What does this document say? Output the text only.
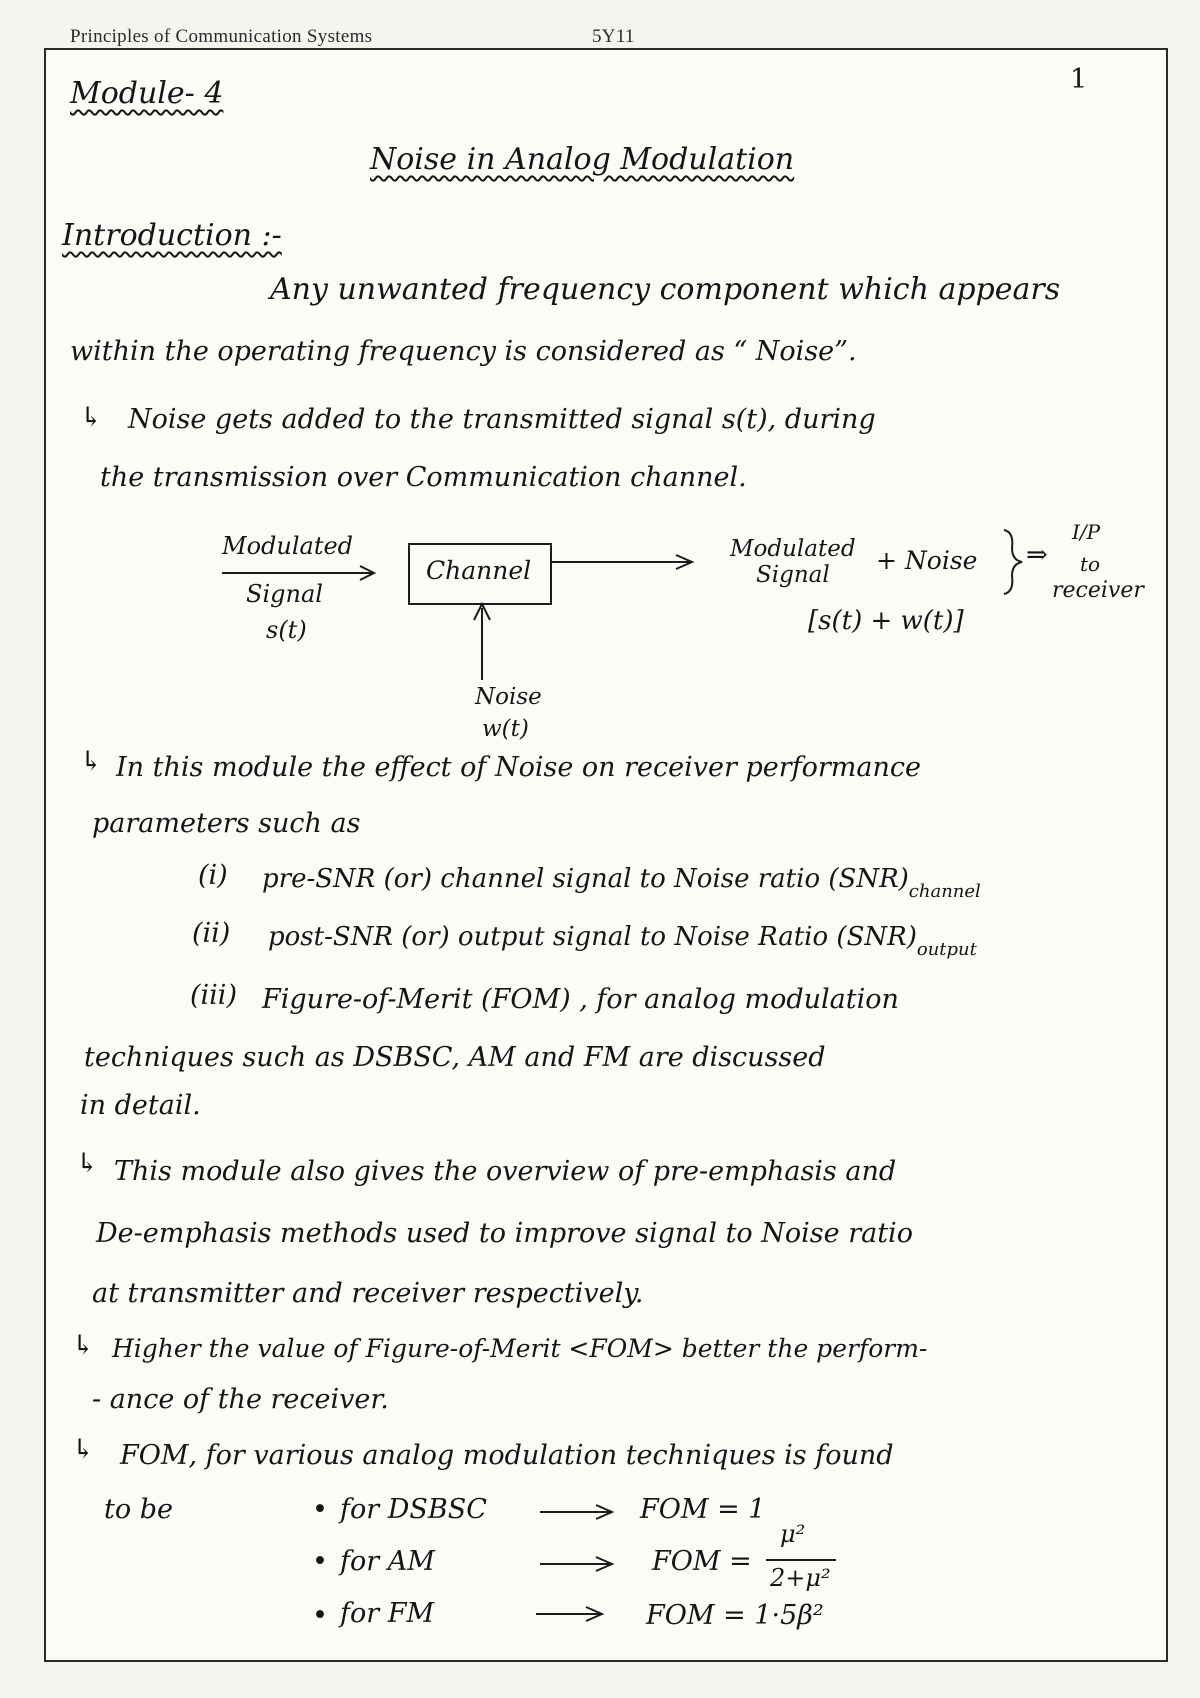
Principles of Communication Systems	5Y11
Module- 4	1
Noise in Analog Modulation
Introduction :-
Any unwanted frequency component which appears
within the operating frequency is considered as “ Noise”.
↳ Noise gets added to the transmitted signal s(t), during
the transmission over Communication channel.
Modulated
Signal
s(t)
Channel
Noise
w(t)
Modulated
Signal + Noise
[s(t) + w(t)]
⇒
I/P
to
receiver
↳ In this module the effect of Noise on receiver performance
parameters such as
(i) pre-SNR (or) channel signal to Noise ratio $(SNR)_{channel}$
(ii) post-SNR (or) output signal to Noise Ratio $(SNR)_{output}$
(iii) Figure-of-Merit (FOM) , for analog modulation
techniques such as DSBSC, AM and FM are discussed
in detail.
↳ This module also gives the overview of pre-emphasis and
De-emphasis methods used to improve signal to Noise ratio
at transmitter and receiver respectively.
↳ Higher the value of Figure-of-Merit <FOM> better the perform-
- ance of the receiver.
↳ FOM, for various analog modulation techniques is found
to be	• for DSBSC	FOM = 1
• for AM	FOM =
μ²
2+μ²
• for FM	FOM = 1·5β²
